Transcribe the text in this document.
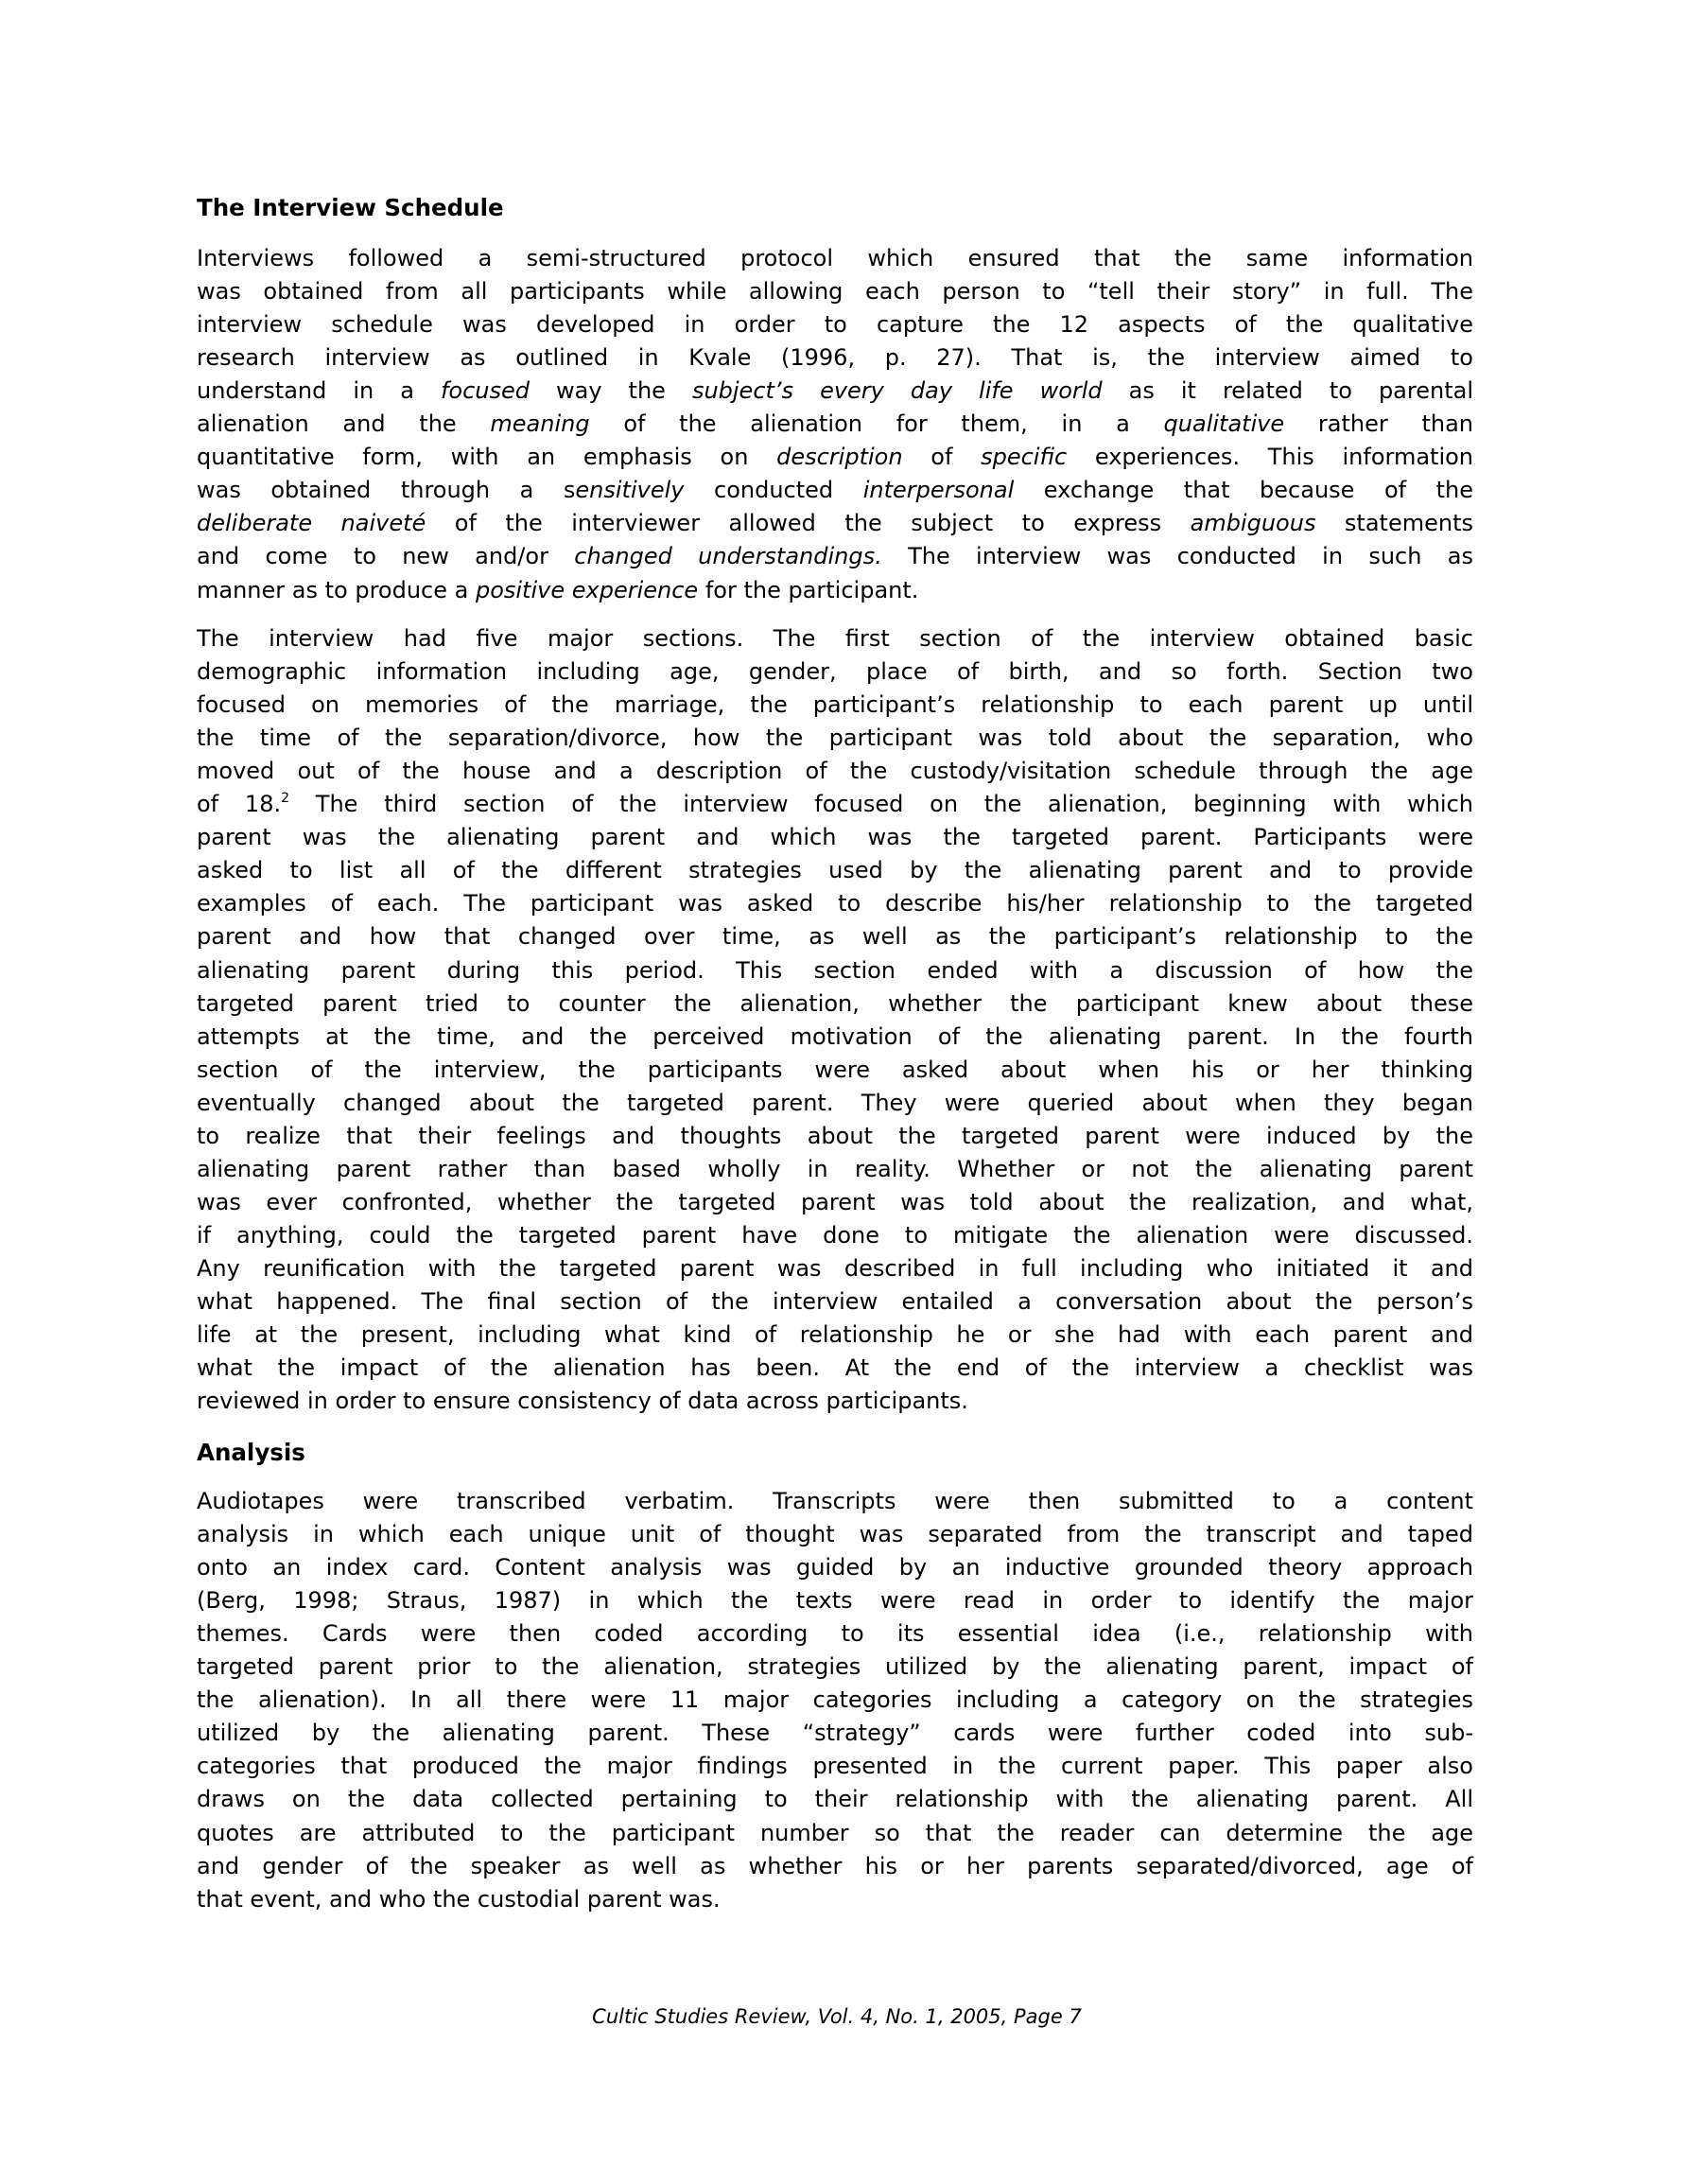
The Interview Schedule
Interviews followed a semi-structured protocol which ensured that the same information
was obtained from all participants while allowing each person to “tell their story” in full. The
interview schedule was developed in order to capture the 12 aspects of the qualitative
research interview as outlined in Kvale (1996, p. 27). That is, the interview aimed to
understand in a focused way the subject’s every day life world as it related to parental
alienation and the meaning of the alienation for them, in a qualitative rather than
quantitative form, with an emphasis on description of specific experiences. This information
was obtained through a sensitively conducted interpersonal exchange that because of the
deliberate naiveté of the interviewer allowed the subject to express ambiguous statements
and come to new and/or changed understandings. The interview was conducted in such as
manner as to produce a positive experience for the participant.
The interview had five major sections. The first section of the interview obtained basic
demographic information including age, gender, place of birth, and so forth. Section two
focused on memories of the marriage, the participant’s relationship to each parent up until
the time of the separation/divorce, how the participant was told about the separation, who
moved out of the house and a description of the custody/visitation schedule through the age
of 18.$^2$ The third section of the interview focused on the alienation, beginning with which
parent was the alienating parent and which was the targeted parent. Participants were
asked to list all of the different strategies used by the alienating parent and to provide
examples of each. The participant was asked to describe his/her relationship to the targeted
parent and how that changed over time, as well as the participant’s relationship to the
alienating parent during this period. This section ended with a discussion of how the
targeted parent tried to counter the alienation, whether the participant knew about these
attempts at the time, and the perceived motivation of the alienating parent. In the fourth
section of the interview, the participants were asked about when his or her thinking
eventually changed about the targeted parent. They were queried about when they began
to realize that their feelings and thoughts about the targeted parent were induced by the
alienating parent rather than based wholly in reality. Whether or not the alienating parent
was ever confronted, whether the targeted parent was told about the realization, and what,
if anything, could the targeted parent have done to mitigate the alienation were discussed.
Any reunification with the targeted parent was described in full including who initiated it and
what happened. The final section of the interview entailed a conversation about the person’s
life at the present, including what kind of relationship he or she had with each parent and
what the impact of the alienation has been. At the end of the interview a checklist was
reviewed in order to ensure consistency of data across participants.
Analysis
Audiotapes were transcribed verbatim. Transcripts were then submitted to a content
analysis in which each unique unit of thought was separated from the transcript and taped
onto an index card. Content analysis was guided by an inductive grounded theory approach
(Berg, 1998; Straus, 1987) in which the texts were read in order to identify the major
themes. Cards were then coded according to its essential idea (i.e., relationship with
targeted parent prior to the alienation, strategies utilized by the alienating parent, impact of
the alienation). In all there were 11 major categories including a category on the strategies
utilized by the alienating parent. These “strategy” cards were further coded into sub-
categories that produced the major findings presented in the current paper. This paper also
draws on the data collected pertaining to their relationship with the alienating parent. All
quotes are attributed to the participant number so that the reader can determine the age
and gender of the speaker as well as whether his or her parents separated/divorced, age of
that event, and who the custodial parent was.
Cultic Studies Review, Vol. 4, No. 1, 2005, Page 7
